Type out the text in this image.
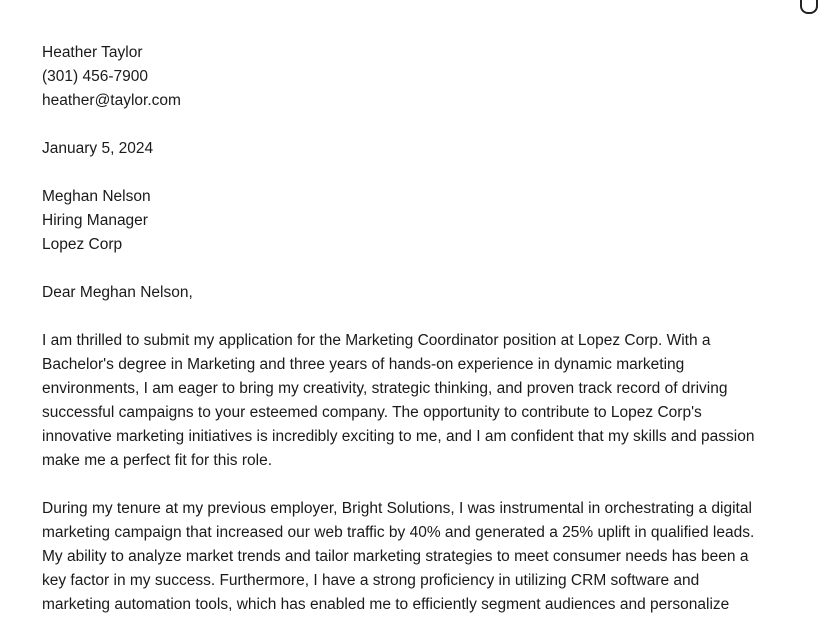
Heather Taylor
(301) 456-7900
heather@taylor.com
January 5, 2024
Meghan Nelson
Hiring Manager
Lopez Corp
Dear Meghan Nelson,
I am thrilled to submit my application for the Marketing Coordinator position at Lopez Corp. With a
Bachelor's degree in Marketing and three years of hands-on experience in dynamic marketing
environments, I am eager to bring my creativity, strategic thinking, and proven track record of driving
successful campaigns to your esteemed company. The opportunity to contribute to Lopez Corp's
innovative marketing initiatives is incredibly exciting to me, and I am confident that my skills and passion
make me a perfect fit for this role.
During my tenure at my previous employer, Bright Solutions, I was instrumental in orchestrating a digital
marketing campaign that increased our web traffic by 40% and generated a 25% uplift in qualified leads.
My ability to analyze market trends and tailor marketing strategies to meet consumer needs has been a
key factor in my success. Furthermore, I have a strong proficiency in utilizing CRM software and
marketing automation tools, which has enabled me to efficiently segment audiences and personalize
